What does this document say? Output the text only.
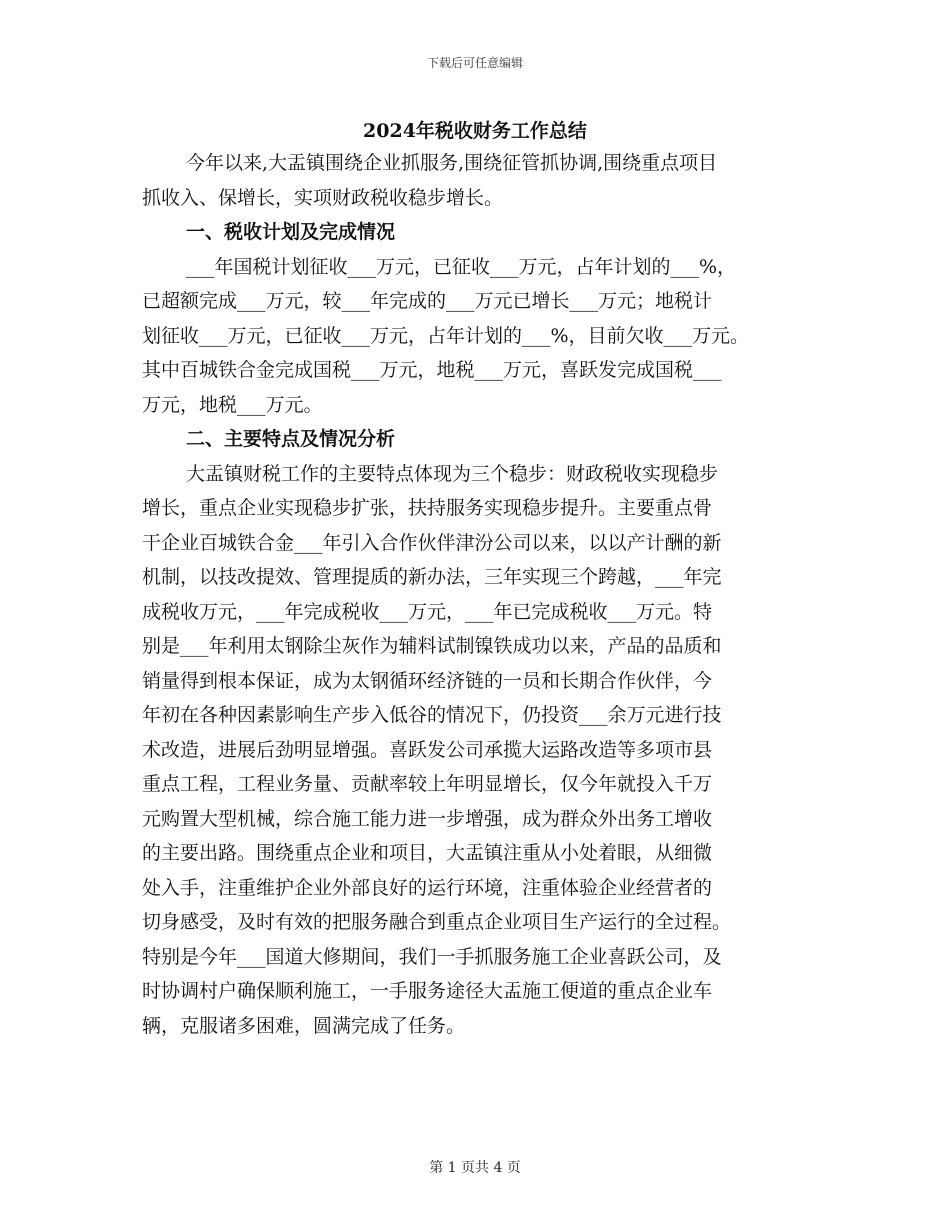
下载后可任意编辑
2024年税收财务工作总结
今年以来,大盂镇围绕企业抓服务,围绕征管抓协调,围绕重点项目
抓收入、保增长，实项财政税收稳步增长。
一、税收计划及完成情况
___年国税计划征收___万元，已征收___万元，占年计划的___%，
已超额完成___万元，较___年完成的___万元已增长___万元；地税计
划征收___万元，已征收___万元，占年计划的___%，目前欠收___万元。
其中百城铁合金完成国税___万元，地税___万元，喜跃发完成国税___
万元，地税___万元。
二、主要特点及情况分析
大盂镇财税工作的主要特点体现为三个稳步：财政税收实现稳步
增长，重点企业实现稳步扩张，扶持服务实现稳步提升。主要重点骨
干企业百城铁合金___年引入合作伙伴津汾公司以来，以以产计酬的新
机制，以技改提效、管理提质的新办法，三年实现三个跨越，___年完
成税收万元，___年完成税收___万元，___年已完成税收___万元。特
别是___年利用太钢除尘灰作为辅料试制镍铁成功以来，产品的品质和
销量得到根本保证，成为太钢循环经济链的一员和长期合作伙伴，今
年初在各种因素影响生产步入低谷的情况下，仍投资___余万元进行技
术改造，进展后劲明显增强。喜跃发公司承揽大运路改造等多项市县
重点工程，工程业务量、贡献率较上年明显增长，仅今年就投入千万
元购置大型机械，综合施工能力进一步增强，成为群众外出务工增收
的主要出路。围绕重点企业和项目，大盂镇注重从小处着眼，从细微
处入手，注重维护企业外部良好的运行环境，注重体验企业经营者的
切身感受，及时有效的把服务融合到重点企业项目生产运行的全过程。
特别是今年___国道大修期间，我们一手抓服务施工企业喜跃公司，及
时协调村户确保顺利施工，一手服务途径大盂施工便道的重点企业车
辆，克服诸多困难，圆满完成了任务。
第 1 页共 4 页
